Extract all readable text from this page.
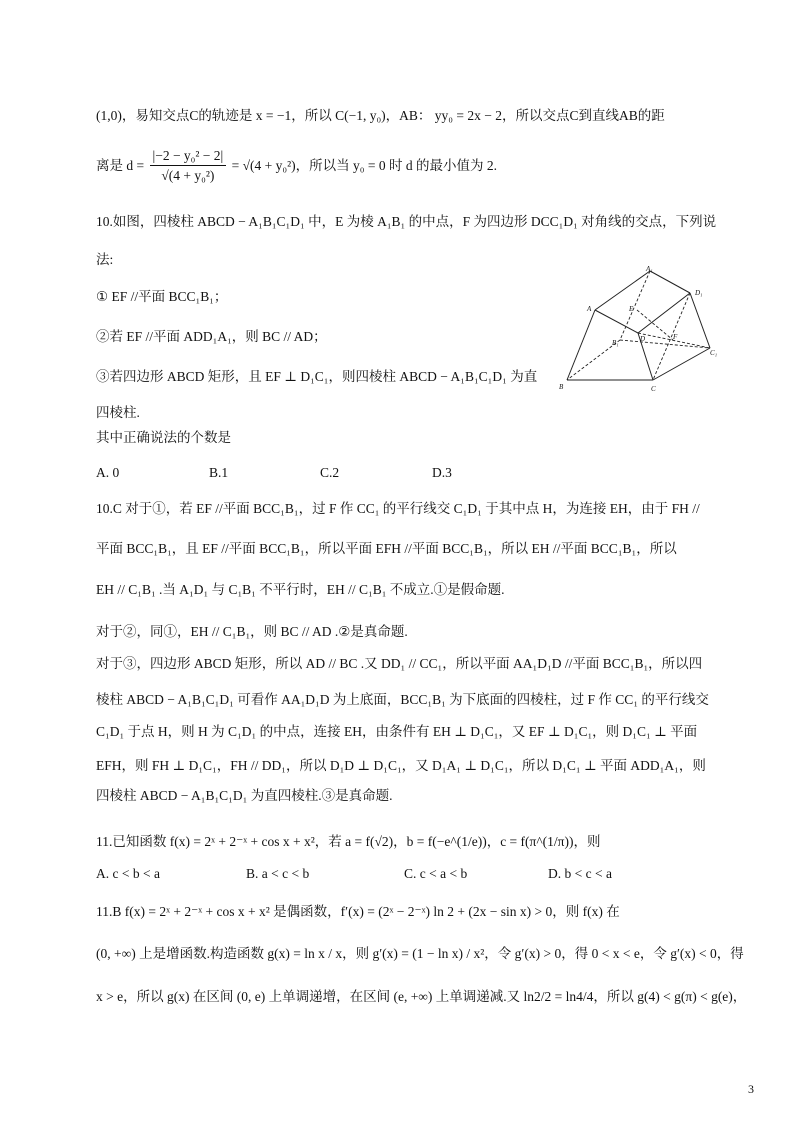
(1,0)，易知交点C的轨迹是 x = −1，所以 C(−1, y₀)，AB： yy₀ = 2x − 2，所以交点C到直线AB的距
离是 $d = \frac{\text{|−2 − y₀² − 2|}}{\text{√(4 + y₀²)}} = √(4 + y_0^2)$，所以当 y₀ = 0 时 d 的最小值为 2.
10.如图，四棱柱 ABCD − A₁B₁C₁D₁ 中，E 为棱 A₁B₁ 的中点，F 为四边形 DCC₁D₁ 对角线的交点，下列说
法:
① EF //平面 BCC₁B₁；
②若 EF //平面 ADD₁A₁，则 BC // AD；
③若四边形 ABCD 矩形，且 EF ⊥ D₁C₁，则四棱柱 ABCD − A₁B₁C₁D₁ 为直
四棱柱.
其中正确说法的个数是
A. 0	B.1	C.2	D.3
A₁
D₁
A	E
B₁	D	F
C₁
B	C
10.C 对于①，若 EF //平面 BCC₁B₁，过 F 作 CC₁ 的平行线交 C₁D₁ 于其中点 H，为连接 EH，由于 FH //
平面 BCC₁B₁，且 EF //平面 BCC₁B₁，所以平面 EFH //平面 BCC₁B₁，所以 EH //平面 BCC₁B₁，所以
EH // C₁B₁ .当 A₁D₁ 与 C₁B₁ 不平行时，EH // C₁B₁ 不成立.①是假命题.
对于②，同①，EH // C₁B₁，则 BC // AD .②是真命题.
对于③，四边形 ABCD 矩形，所以 AD // BC .又 DD₁ // CC₁，所以平面 AA₁D₁D //平面 BCC₁B₁，所以四
棱柱 ABCD − A₁B₁C₁D₁ 可看作 AA₁D₁D 为上底面，BCC₁B₁ 为下底面的四棱柱，过 F 作 CC₁ 的平行线交
C₁D₁ 于点 H，则 H 为 C₁D₁ 的中点，连接 EH，由条件有 EH ⊥ D₁C₁，又 EF ⊥ D₁C₁，则 D₁C₁ ⊥ 平面
EFH，则 FH ⊥ D₁C₁，FH // DD₁，所以 D₁D ⊥ D₁C₁，又 D₁A₁ ⊥ D₁C₁，所以 D₁C₁ ⊥ 平面 ADD₁A₁，则
四棱柱 ABCD − A₁B₁C₁D₁ 为直四棱柱.③是真命题.
11.已知函数 f(x) = 2ˣ + 2⁻ˣ + cos x + x²，若 a = f(√2)，b = f(−e^(1/e))，c = f(π^(1/π))，则
A. c < b < a	B. a < c < b	C. c < a < b	D. b < c < a
11.B f(x) = 2ˣ + 2⁻ˣ + cos x + x² 是偶函数，f′(x) = (2ˣ − 2⁻ˣ) ln 2 + (2x − sin x) > 0，则 f(x) 在
(0, +∞) 上是增函数.构造函数 g(x) = ln x / x，则 g′(x) = (1 − ln x) / x²，令 g′(x) > 0，得 0 < x < e，令 g′(x) < 0，得
x > e，所以 g(x) 在区间 (0, e) 上单调递增，在区间 (e, +∞) 上单调递减.又 ln2/2 = ln4/4，所以 g(4) < g(π) < g(e)，
3
